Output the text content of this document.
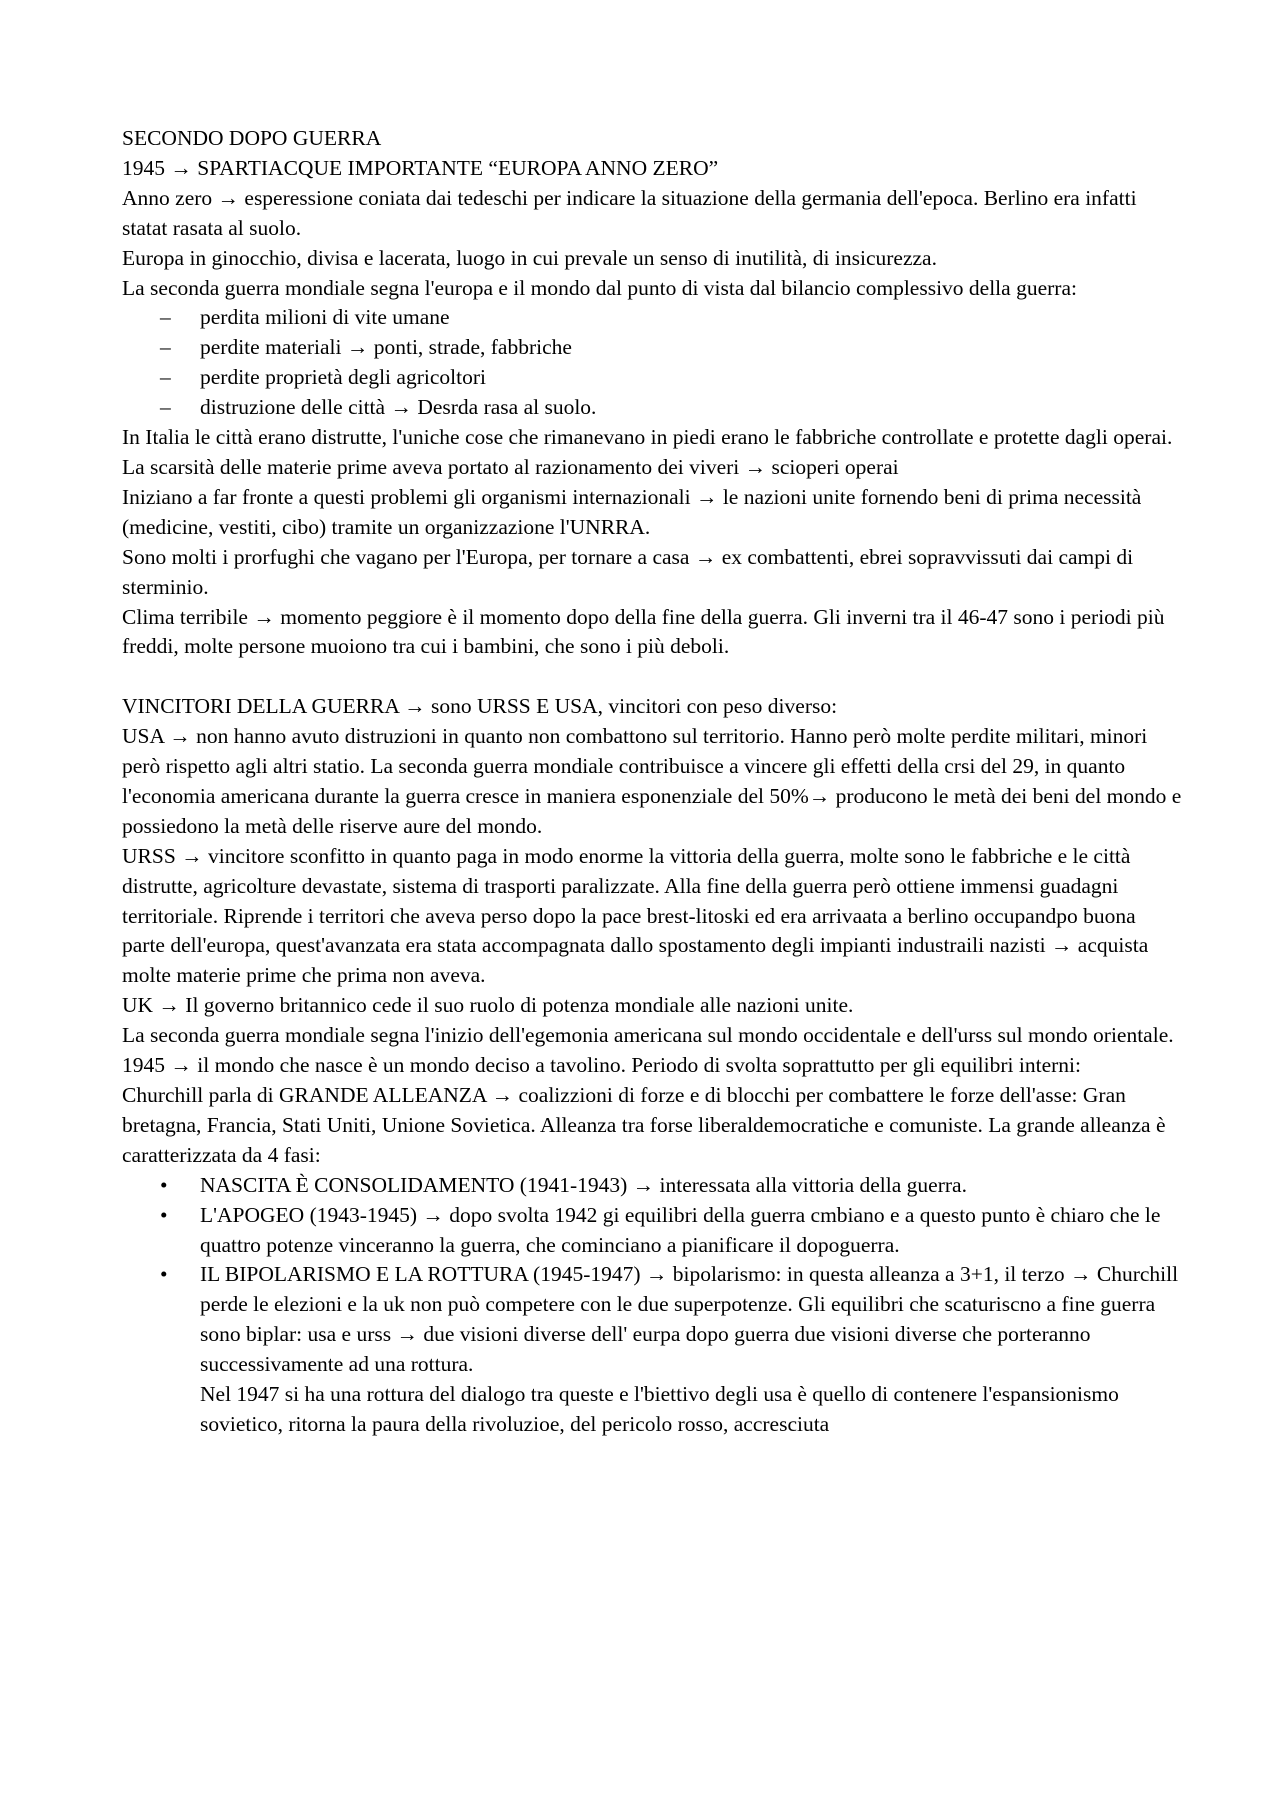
SECONDO DOPO GUERRA

1945 → SPARTIACQUE IMPORTANTE “EUROPA ANNO ZERO”

Anno zero → esperessione coniata dai tedeschi per indicare la situazione della germania dell'epoca. Berlino era infatti statat rasata al suolo.

Europa in ginocchio, divisa e lacerata, luogo in cui prevale un senso di inutilità, di insicurezza.

La seconda guerra mondiale segna l'europa e il mondo dal punto di vista dal bilancio complessivo della guerra:

– perdita milioni di vite umane
– perdite materiali → ponti, strade, fabbriche
– perdite proprietà degli agricoltori
– distruzione delle città → Desrda rasa al suolo.

In Italia le città erano distrutte, l'uniche cose che rimanevano in piedi erano le fabbriche controllate e protette dagli operai.

La scarsità delle materie prime aveva portato al razionamento dei viveri → scioperi operai

Iniziano a far fronte a questi problemi gli organismi internazionali → le nazioni unite fornendo beni di prima necessità (medicine, vestiti, cibo) tramite un organizzazione l'UNRRA.

Sono molti i prorfughi che vagano per l'Europa, per tornare a casa → ex combattenti, ebrei sopravvissuti dai campi di sterminio.

Clima terribile → momento peggiore è il momento dopo della fine della guerra. Gli inverni tra il 46-47 sono i periodi più freddi, molte persone muoiono tra cui i bambini, che sono i più deboli.

VINCITORI DELLA GUERRA → sono URSS E USA, vincitori con peso diverso:

USA → non hanno avuto distruzioni in quanto non combattono sul territorio. Hanno però molte perdite militari, minori però rispetto agli altri statio. La seconda guerra mondiale contribuisce a vincere gli effetti della crsi del 29, in quanto l'economia americana durante la guerra cresce in maniera esponenziale del 50%→ producono le metà dei beni del mondo e possiedono la metà delle riserve aure del mondo.

URSS → vincitore sconfitto in quanto paga in modo enorme la vittoria della guerra, molte sono le fabbriche e le città distrutte, agricolture devastate, sistema di trasporti paralizzate. Alla fine della guerra però ottiene immensi guadagni territoriale. Riprende i territori che aveva perso dopo la pace brest-litoski ed era arrivaata a berlino occupandpo buona parte dell'europa, quest'avanzata era stata accompagnata dallo spostamento degli impianti industraili nazisti → acquista molte materie prime che prima non aveva.

UK → Il governo britannico cede il suo ruolo di potenza mondiale alle nazioni unite.

La seconda guerra mondiale segna l'inizio dell'egemonia americana sul mondo occidentale e dell'urss sul mondo orientale.

1945 → il mondo che nasce è un mondo deciso a tavolino. Periodo di svolta soprattutto per gli equilibri interni:

Churchill parla di GRANDE ALLEANZA → coalizzioni di forze e di blocchi per combattere le forze dell'asse: Gran bretagna, Francia, Stati Uniti, Unione Sovietica. Alleanza tra forse liberaldemocratiche e comuniste. La grande alleanza è caratterizzata da 4 fasi:

• NASCITA È CONSOLIDAMENTO (1941-1943) → interessata alla vittoria della guerra.

• L'APOGEO (1943-1945) → dopo svolta 1942 gi equilibri della guerra cmbiano e a questo punto è chiaro che le quattro potenze vinceranno la guerra, che cominciano a pianificare il dopoguerra.

• IL BIPOLARISMO E LA ROTTURA (1945-1947) → bipolarismo: in questa alleanza a 3+1, il terzo → Churchill perde le elezioni e la uk non può competere con le due superpotenze. Gli equilibri che scaturiscno a fine guerra sono biplar: usa e urss → due visioni diverse dell' eurpa dopo guerra due visioni diverse che porteranno successivamente ad una rottura.

Nel 1947 si ha una rottura del dialogo tra queste e l'biettivo degli usa è quello di contenere l'espansionismo sovietico, ritorna la paura della rivoluzioe, del pericolo rosso, accresciuta
